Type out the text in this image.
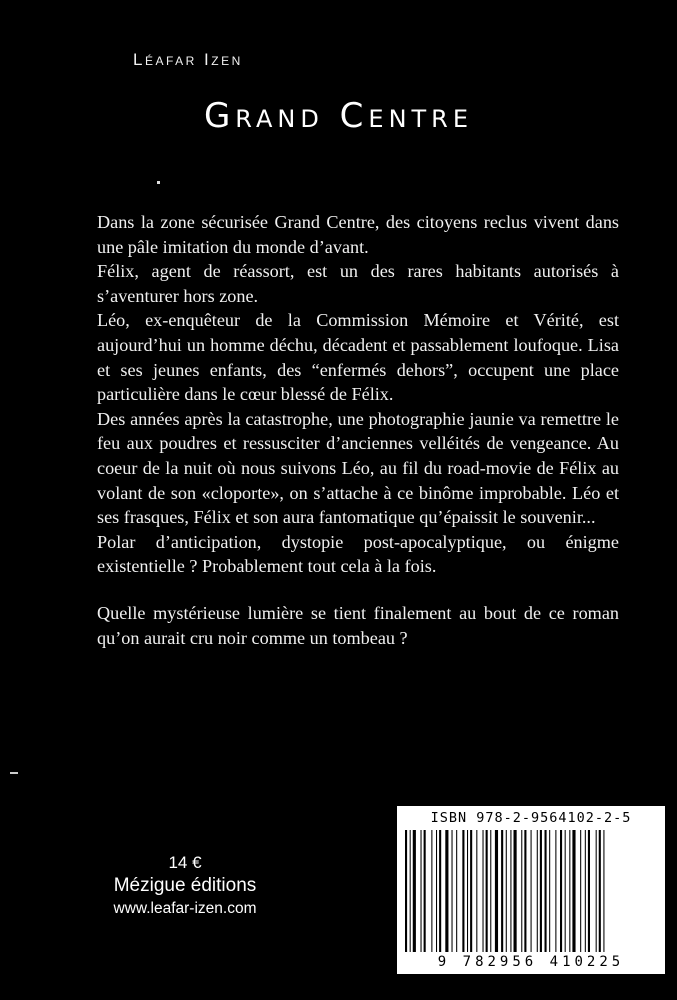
Léafar Izen
Grand Centre

Dans la zone sécurisée Grand Centre, des citoyens reclus vivent dans une pâle imitation du monde d’avant.

Félix, agent de réassort, est un des rares habitants autorisés à s’aventurer hors zone.

Léo, ex-enquêteur de la Commission Mémoire et Vérité, est aujourd’hui un homme déchu, décadent et passablement loufoque. Lisa et ses jeunes enfants, des “enfermés dehors”, occupent une place particulière dans le cœur blessé de Félix.

Des années après la catastrophe, une photographie jaunie va remettre le feu aux poudres et ressusciter d’anciennes velléités de vengeance. Au coeur de la nuit où nous suivons Léo, au fil du road-movie de Félix au volant de son «cloporte», on s’attache à ce binôme improbable. Léo et ses frasques, Félix et son aura fantomatique qu’épaissit le souvenir...

Polar d’anticipation, dystopie post-apocalyptique, ou énigme existentielle ? Probablement tout cela à la fois.

Quelle mystérieuse lumière se tient finalement au bout de ce roman qu’on aurait cru noir comme un tombeau ?

14 €
Mézigue éditions
www.leafar-izen.com
ISBN 978-2-9564102-2-5
9 782956 410225
